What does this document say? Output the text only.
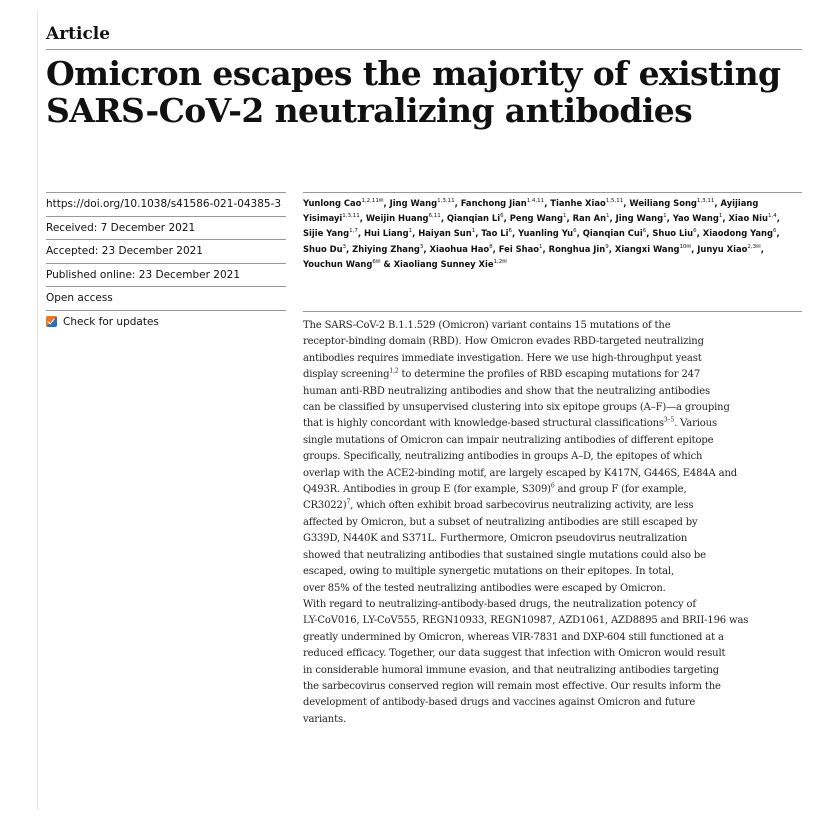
Article
Omicron escapes the majority of existing
SARS-CoV-2 neutralizing antibodies
https://doi.org/10.1038/s41586-021-04385-3
Received: 7 December 2021
Accepted: 23 December 2021
Published online: 23 December 2021
Open access
Check for updates
Yunlong Cao$^{1,2,11✉}$, Jing Wang$^{1,3,11}$, Fanchong Jian$^{1,4,11}$, Tianhe Xiao$^{1,5,11}$, Weiliang Song$^{1,3,11}$, Ayijiang Yisimayi$^{1,3,11}$, Weijin Huang$^{6,11}$, Qianqian Li$^6$, Peng Wang$^1$, Ran An$^1$, Jing Wang$^1$, Yao Wang$^1$, Xiao Niu$^{1,4}$, Sijie Yang$^{1,7}$, Hui Liang$^1$, Haiyan Sun$^1$, Tao Li$^6$, Yuanling Yu$^6$, Qianqian Cui$^6$, Shuo Liu$^6$, Xiaodong Yang$^6$, Shuo Du$^3$, Zhiying Zhang$^3$, Xiaohua Hao$^8$, Fei Shao$^1$, Ronghua Jin$^9$, Xiangxi Wang$^{10✉}$, Junyu Xiao$^{2,3✉}$, Youchun Wang$^{6✉}$ & Xiaoliang Sunney Xie$^{1,2✉}$

The SARS-CoV-2 B.1.1.529 (Omicron) variant contains 15 mutations of the
receptor-binding domain (RBD). How Omicron evades RBD-targeted neutralizing
antibodies requires immediate investigation. Here we use high-throughput yeast
display screening$^{1,2}$ to determine the profiles of RBD escaping mutations for 247
human anti-RBD neutralizing antibodies and show that the neutralizing antibodies
can be classified by unsupervised clustering into six epitope groups (A–F)—a grouping
that is highly concordant with knowledge-based structural classifications$^{3-5}$. Various
single mutations of Omicron can impair neutralizing antibodies of different epitope
groups. Specifically, neutralizing antibodies in groups A–D, the epitopes of which
overlap with the ACE2-binding motif, are largely escaped by K417N, G446S, E484A and
Q493R. Antibodies in group E (for example, S309)$^6$ and group F (for example,
CR3022)$^7$, which often exhibit broad sarbecovirus neutralizing activity, are less
affected by Omicron, but a subset of neutralizing antibodies are still escaped by
G339D, N440K and S371L. Furthermore, Omicron pseudovirus neutralization
showed that neutralizing antibodies that sustained single mutations could also be
escaped, owing to multiple synergetic mutations on their epitopes. In total,
over 85% of the tested neutralizing antibodies were escaped by Omicron.
With regard to neutralizing-antibody-based drugs, the neutralization potency of
LY-CoV016, LY-CoV555, REGN10933, REGN10987, AZD1061, AZD8895 and BRII-196 was
greatly undermined by Omicron, whereas VIR-7831 and DXP-604 still functioned at a
reduced efficacy. Together, our data suggest that infection with Omicron would result
in considerable humoral immune evasion, and that neutralizing antibodies targeting
the sarbecovirus conserved region will remain most effective. Our results inform the
development of antibody-based drugs and vaccines against Omicron and future
variants.
